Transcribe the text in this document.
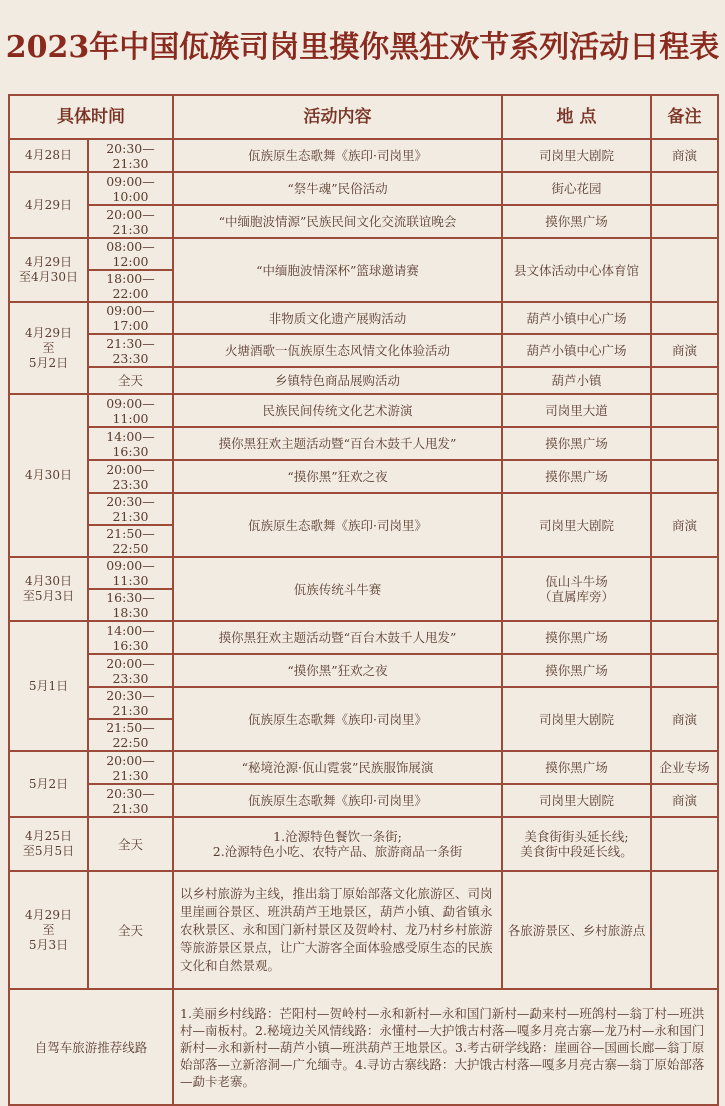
2023年中国佤族司岗里摸你黑狂欢节系列活动日程表
具体时间		活动内容	地 点	备注
4月28日	20:30—21:30	佤族原生态歌舞《族印·司岗里》	司岗里大剧院	商演
4月29日	09:00—10:00	“祭牛魂”民俗活动	街心花园	
	20:00—21:30	“中缅胞波情源”民族民间文化交流联谊晚会	摸你黑广场	
4月29日
至4月30日	08:00—12:00	“中缅胞波情深杯”篮球邀请赛	县文体活动中心体育馆	
	18:00—22:00			
4月29日
至
5月2日	09:00—17:00	非物质文化遗产展购活动	葫芦小镇中心广场	
	21:30—23:30	火塘酒歌一佤族原生态风情文化体验活动	葫芦小镇中心广场	商演
	全天	乡镇特色商品展购活动	葫芦小镇	
4月30日	09:00—11:00	民族民间传统文化艺术游演	司岗里大道	
	14:00—16:30	摸你黑狂欢主题活动暨“百台木鼓千人甩发”	摸你黑广场	
	20:00—23:30	“摸你黑”狂欢之夜	摸你黑广场	
	20:30—21:30	佤族原生态歌舞《族印·司岗里》	司岗里大剧院	商演
	21:50—22:50			
4月30日
至5月3日	09:00—11:30	佤族传统斗牛赛	佤山斗牛场
（直属库旁）	
	16:30—18:30			
5月1日	14:00—16:30	摸你黑狂欢主题活动暨“百台木鼓千人甩发”	摸你黑广场	
	20:00—23:30	“摸你黑”狂欢之夜	摸你黑广场	
	20:30—21:30	佤族原生态歌舞《族印·司岗里》	司岗里大剧院	商演
	21:50—22:50			
5月2日	20:00—21:30	“秘境沧源·佤山霓裳”民族服饰展演	摸你黑广场	企业专场
	20:30—21:30	佤族原生态歌舞《族印·司岗里》	司岗里大剧院	商演
4月25日
至5月5日	全天	1.沧源特色餐饮一条街;
2.沧源特色小吃、农特产品、旅游商品一条街	美食街街头延长线;
美食街中段延长线。	
4月29日
至
5月3日	全天	以乡村旅游为主线，推出翁丁原始部落文化旅游区、司岗里崖画谷景区、班洪葫芦王地景区，葫芦小镇、勐省镇永农秋景区、永和国门新村景区及贺岭村、龙乃村乡村旅游等旅游景区景点，让广大游客全面体验感受原生态的民族文化和自然景观。	各旅游景区、乡村旅游点	
自驾车旅游推荐线路		1.美丽乡村线路：芒阳村—贺岭村—永和新村—永和国门新村—勐来村—班鸽村—翁丁村—班洪村—南板村。2.秘境边关风情线路：永懂村—大护饿古村落—嘎多月亮古寨—龙乃村—永和国门新村—永和新村—葫芦小镇—班洪葫芦王地景区。3.考古研学线路：崖画谷—国画长廊—翁丁原始部落—立新溶洞—广允缅寺。4.寻访古寨线路：大护饿古村落—嘎多月亮古寨—翁丁原始部落—勐卡老寨。		
